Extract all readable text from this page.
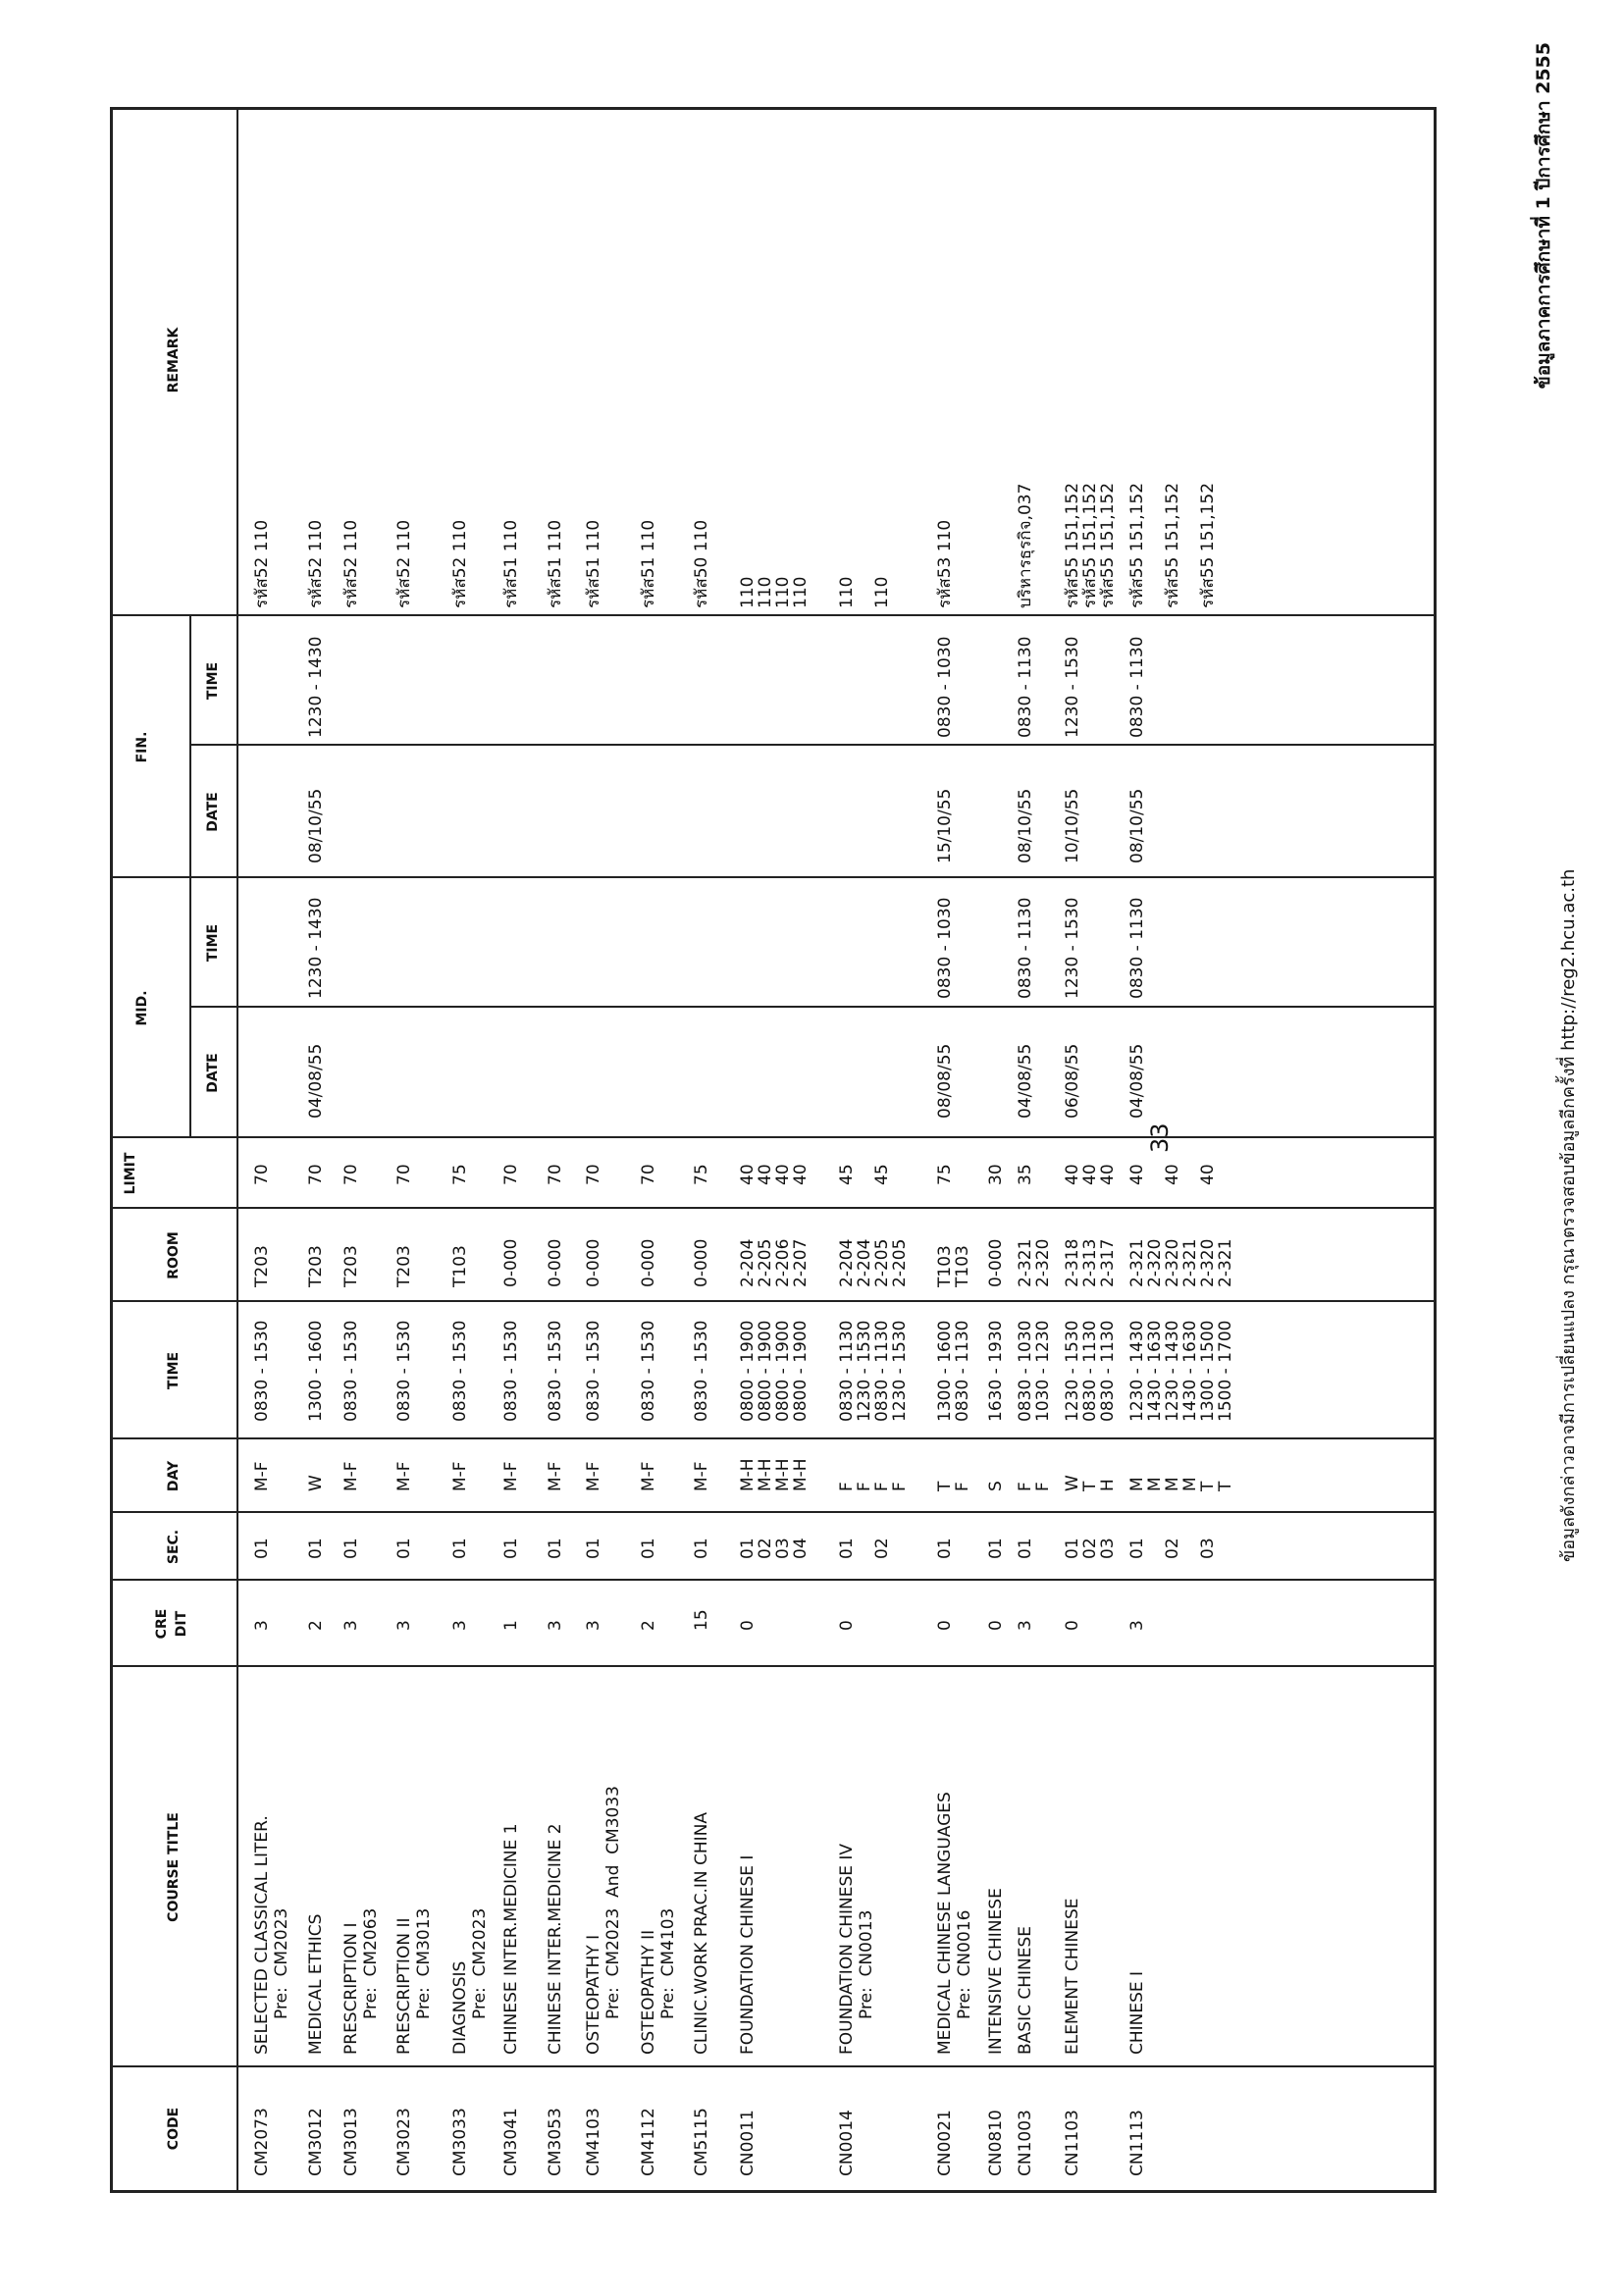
33
ข้อมูลภาคการศึกษาที่ 1 ปีการศึกษา 2555
ข้อมูลดังกล่าวอาจมีการเปลี่ยนแปลง กรุณาตรวจสอบข้อมูลอีกครั้งที่ http://reg2.hcu.ac.th
CODE
COURSE TITLE
CRE DIT
SEC.
DAY
TIME
ROOM
LIMIT
MID.
FIN.
DATE
TIME
DATE
TIME
REMARK
CM2073
SELECTED CLASSICAL LITER.
3
01
M-F
0830 - 1530
T203
70
รหัส52 110
Pre:  CM2023
CM3012
MEDICAL ETHICS
2
01
W
1300 - 1600
T203
70
04/08/55
1230 - 1430
08/10/55
1230 - 1430
รหัส52 110
CM3013
PRESCRIPTION I
3
01
M-F
0830 - 1530
T203
70
รหัส52 110
Pre:  CM2063
CM3023
PRESCRIPTION II
3
01
M-F
0830 - 1530
T203
70
รหัส52 110
Pre:  CM3013
CM3033
DIAGNOSIS
3
01
M-F
0830 - 1530
T103
75
รหัส52 110
Pre:  CM2023
CM3041
CHINESE INTER.MEDICINE 1
1
01
M-F
0830 - 1530
0-000
70
รหัส51 110
CM3053
CHINESE INTER.MEDICINE 2
3
01
M-F
0830 - 1530
0-000
70
รหัส51 110
CM4103
OSTEOPATHY I
3
01
M-F
0830 - 1530
0-000
70
รหัส51 110
Pre:  CM2023  And  CM3033
CM4112
OSTEOPATHY II
2
01
M-F
0830 - 1530
0-000
70
รหัส51 110
Pre:  CM4103
CM5115
CLINIC.WORK PRAC.IN CHINA
15
01
M-F
0830 - 1530
0-000
75
รหัส50 110
CN0011
FOUNDATION CHINESE I
0
01
M-H
0800 - 1900
2-204
40
110
02
M-H
0800 - 1900
2-205
40
110
03
M-H
0800 - 1900
2-206
40
110
04
M-H
0800 - 1900
2-207
40
110
CN0014
FOUNDATION CHINESE IV
0
01
F
0830 - 1130
2-204
45
110
Pre:  CN0013
F
1230 - 1530
2-204
02
F
0830 - 1130
2-205
45
110
F
1230 - 1530
2-205
CN0021
MEDICAL CHINESE LANGUAGES
0
01
T
1300 - 1600
T103
75
08/08/55
0830 - 1030
15/10/55
0830 - 1030
รหัส53 110
Pre:  CN0016
F
0830 - 1130
T103
CN0810
INTENSIVE CHINESE
0
01
S
1630 - 1930
0-000
30
CN1003
BASIC CHINESE
3
01
F
0830 - 1030
2-321
35
04/08/55
0830 - 1130
08/10/55
0830 - 1130
บริหารธุรกิจ,037
F
1030 - 1230
2-320
CN1103
ELEMENT CHINESE
0
01
W
1230 - 1530
2-318
40
06/08/55
1230 - 1530
10/10/55
1230 - 1530
รหัส55 151,152
02
T
0830 - 1130
2-313
40
รหัส55 151,152
03
H
0830 - 1130
2-317
40
รหัส55 151,152
CN1113
CHINESE I
3
01
M
1230 - 1430
2-321
40
04/08/55
0830 - 1130
08/10/55
0830 - 1130
รหัส55 151,152
M
1430 - 1630
2-320
02
M
1230 - 1430
2-320
40
รหัส55 151,152
M
1430 - 1630
2-321
03
T
1300 - 1500
2-320
40
รหัส55 151,152
T
1500 - 1700
2-321
